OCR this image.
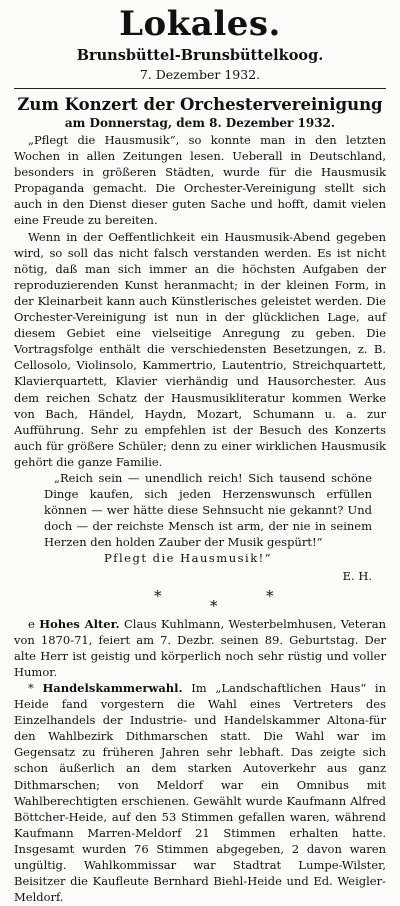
Lokales.
Brunsbüttel-Brunsbüttelkoog.
7. Dezember 1932.
Zum Konzert der Orchestervereinigung
am Donnerstag, dem 8. Dezember 1932.

„Pflegt die Hausmusik“, so konnte man in den letzten Wochen in allen Zeitungen lesen. Ueberall in Deutschland, besonders in größeren Städten, wurde für die Hausmusik Propaganda gemacht. Die Orchester-Vereinigung stellt sich auch in den Dienst dieser guten Sache und hofft, damit vielen eine Freude zu bereiten.

Wenn in der Oeffentlichkeit ein Hausmusik-Abend gegeben wird, so soll das nicht falsch verstanden werden. Es ist nicht nötig, daß man sich immer an die höchsten Aufgaben der reproduzierenden Kunst heranmacht; in der kleinen Form, in der Kleinarbeit kann auch Künstlerisches geleistet werden. Die Orchester-Vereinigung ist nun in der glücklichen Lage, auf diesem Gebiet eine vielseitige Anregung zu geben. Die Vortragsfolge enthält die verschiedensten Besetzungen, z. B. Cellosolo, Violinsolo, Kammertrio, Lautentrio, Streichquartett, Klavierquartett, Klavier vierhändig und Hausorchester. Aus dem reichen Schatz der Hausmusikliteratur kommen Werke von Bach, Händel, Haydn, Mozart, Schumann u. a. zur Aufführung. Sehr zu empfehlen ist der Besuch des Konzerts auch für größere Schüler; denn zu einer wirklichen Hausmusik gehört die ganze Familie.

„Reich sein — unendlich reich! Sich tausend schöne Dinge kaufen, sich jeden Herzenswunsch erfüllen können — wer hätte diese Sehnsucht nie gekannt? Und doch — der reichste Mensch ist arm, der nie in seinem Herzen den holden Zauber der Musik gespürt!“

Pflegt die Hausmusik!“
E. H.
*
*
*

e Hohes Alter. Claus Kuhlmann, Westerbelmhusen, Veteran von 1870-71, feiert am 7. Dezbr. seinen 89. Geburtstag. Der alte Herr ist geistig und körperlich noch sehr rüstig und voller Humor.

* Handelskammerwahl. Im „Landschaftlichen Haus“ in Heide fand vorgestern die Wahl eines Vertreters des Einzelhandels der Industrie- und Handelskammer Altona-für den Wahlbezirk Dithmarschen statt. Die Wahl war im Gegensatz zu früheren Jahren sehr lebhaft. Das zeigte sich schon äußerlich an dem starken Autoverkehr aus ganz Dithmarschen; von Meldorf war ein Omnibus mit Wahlberechtigten erschienen. Gewählt wurde Kaufmann Alfred Böttcher-Heide, auf den 53 Stimmen gefallen waren, während Kaufmann Marren-Meldorf 21 Stimmen erhalten hatte. Insgesamt wurden 76 Stimmen abgegeben, 2 davon waren ungültig. Wahlkommissar war Stadtrat Lumpe-Wilster, Beisitzer die Kaufleute Bernhard Biehl-Heide und Ed. Weigler-Meldorf.
